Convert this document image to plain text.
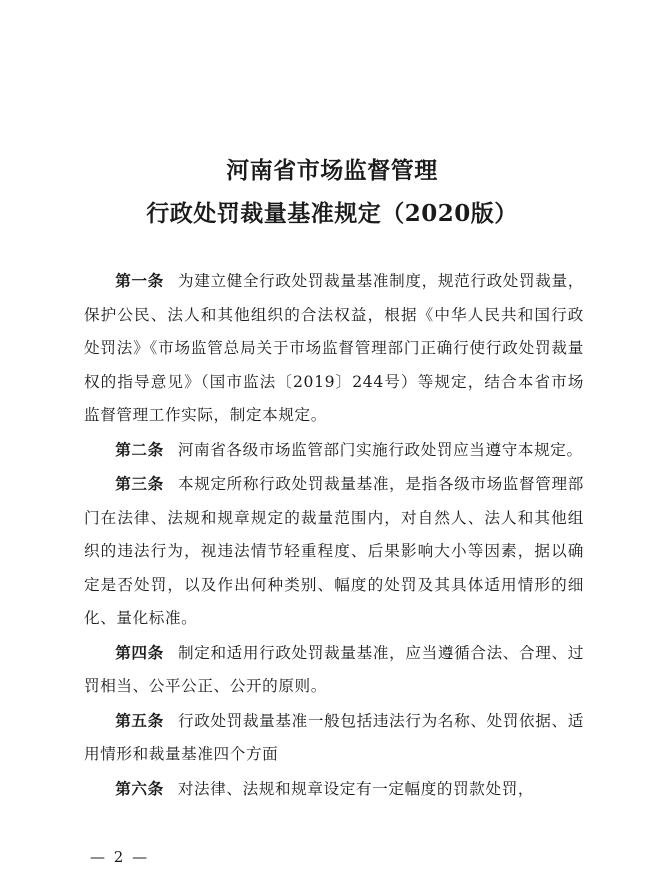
河南省市场监督管理
行政处罚裁量基准规定（2020版）

第一条 为建立健全行政处罚裁量基准制度，规范行政处罚裁量，保护公民、法人和其他组织的合法权益，根据《中华人民共和国行政处罚法》《市场监管总局关于市场监督管理部门正确行使行政处罚裁量权的指导意见》（国市监法〔2019〕244号）等规定，结合本省市场监督管理工作实际，制定本规定。

第二条 河南省各级市场监管部门实施行政处罚应当遵守本规定。

第三条 本规定所称行政处罚裁量基准，是指各级市场监督管理部门在法律、法规和规章规定的裁量范围内，对自然人、法人和其他组织的违法行为，视违法情节轻重程度、后果影响大小等因素，据以确定是否处罚，以及作出何种类别、幅度的处罚及其具体适用情形的细化、量化标准。

第四条 制定和适用行政处罚裁量基准，应当遵循合法、合理、过罚相当、公平公正、公开的原则。

第五条 行政处罚裁量基准一般包括违法行为名称、处罚依据、适用情形和裁量基准四个方面

第六条 对法律、法规和规章设定有一定幅度的罚款处罚，

— 2 —
